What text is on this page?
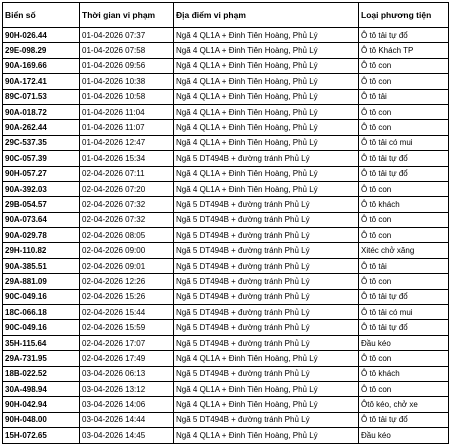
Biển số	Thời gian vi phạm	Địa điểm vi phạm	Loại phương tiện
90H-026.44	01-04-2026 07:37	Ngã 4 QL1A + Đinh Tiên Hoàng, Phủ Lý	Ô tô tải tự đổ
29E-098.29	01-04-2026 07:58	Ngã 4 QL1A + Đinh Tiên Hoàng, Phủ Lý	Ô tô Khách TP
90A-169.66	01-04-2026 09:56	Ngã 4 QL1A + Đinh Tiên Hoàng, Phủ Lý	Ô tô con
90A-172.41	01-04-2026 10:38	Ngã 4 QL1A + Đinh Tiên Hoàng, Phủ Lý	Ô tô con
89C-071.53	01-04-2026 10:58	Ngã 4 QL1A + Đinh Tiên Hoàng, Phủ Lý	Ô tô tải
90A-018.72	01-04-2026 11:04	Ngã 4 QL1A + Đinh Tiên Hoàng, Phủ Lý	Ô tô con
90A-262.44	01-04-2026 11:07	Ngã 4 QL1A + Đinh Tiên Hoàng, Phủ Lý	Ô tô con
29C-537.35	01-04-2026 12:47	Ngã 4 QL1A + Đinh Tiên Hoàng, Phủ Lý	Ô tô tải có mui
90C-057.39	01-04-2026 15:34	Ngã 5 DT494B + đường tránh Phủ Lý	Ô tô tải tự đổ
90H-057.27	02-04-2026 07:11	Ngã 4 QL1A + Đinh Tiên Hoàng, Phủ Lý	Ô tô tải tự đổ
90A-392.03	02-04-2026 07:20	Ngã 4 QL1A + Đinh Tiên Hoàng, Phủ Lý	Ô tô con
29B-054.57	02-04-2026 07:32	Ngã 5 DT494B + đường tránh Phủ Lý	Ô tô khách
90A-073.64	02-04-2026 07:32	Ngã 5 DT494B + đường tránh Phủ Lý	Ô tô con
90A-029.78	02-04-2026 08:05	Ngã 5 DT494B + đường tránh Phủ Lý	Ô tô con
29H-110.82	02-04-2026 09:00	Ngã 5 DT494B + đường tránh Phủ Lý	Xitéc chở xăng
90A-385.51	02-04-2026 09:01	Ngã 5 DT494B + đường tránh Phủ Lý	Ô tô tải
29A-881.09	02-04-2026 12:26	Ngã 5 DT494B + đường tránh Phủ Lý	Ô tô con
90C-049.16	02-04-2026 15:26	Ngã 5 DT494B + đường tránh Phủ Lý	Ô tô tải tự đổ
18C-066.18	02-04-2026 15:44	Ngã 5 DT494B + đường tránh Phủ Lý	Ô tô tải có mui
90C-049.16	02-04-2026 15:59	Ngã 5 DT494B + đường tránh Phủ Lý	Ô tô tải tự đổ
35H-115.64	02-04-2026 17:07	Ngã 5 DT494B + đường tránh Phủ Lý	Đầu kéo
29A-731.95	02-04-2026 17:49	Ngã 4 QL1A + Đinh Tiên Hoàng, Phủ Lý	Ô tô con
18B-022.52	03-04-2026 06:13	Ngã 5 DT494B + đường tránh Phủ Lý	Ô tô khách
30A-498.94	03-04-2026 13:12	Ngã 4 QL1A + Đinh Tiên Hoàng, Phủ Lý	Ô tô con
90H-042.94	03-04-2026 14:06	Ngã 4 QL1A + Đinh Tiên Hoàng, Phủ Lý	Ôtô kéo, chở xe
90H-048.00	03-04-2026 14:44	Ngã 5 DT494B + đường tránh Phủ Lý	Ô tô tải tự đổ
15H-072.65	03-04-2026 14:45	Ngã 4 QL1A + Đinh Tiên Hoàng, Phủ Lý	Đầu kéo
